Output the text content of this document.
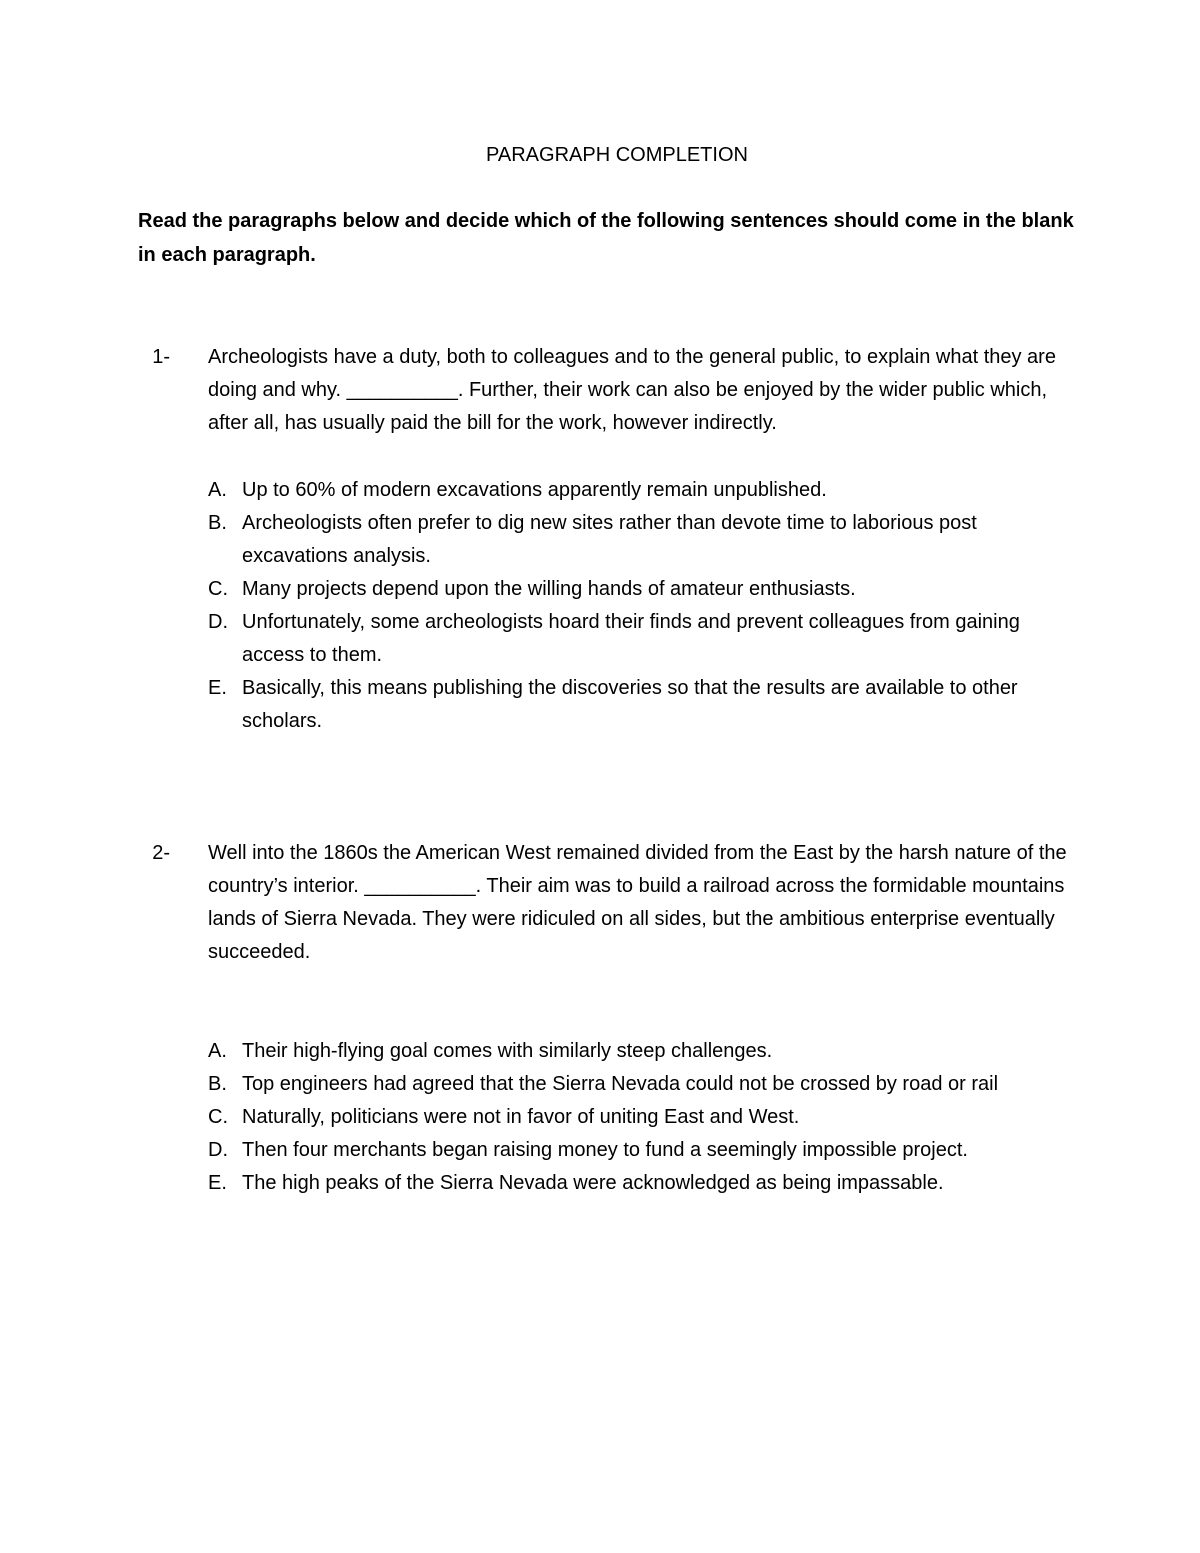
PARAGRAPH COMPLETION

Read the paragraphs below and decide which of the following sentences should come in the blank in each paragraph.

1-	Archeologists have a duty, both to colleagues and to the general public, to explain what they are doing and why. __________. Further, their work can also be enjoyed by the wider public which, after all, has usually paid the bill for the work, however indirectly.
A. Up to 60% of modern excavations apparently remain unpublished.
B. Archeologists often prefer to dig new sites rather than devote time to laborious post excavations analysis.
C. Many projects depend upon the willing hands of amateur enthusiasts.
D. Unfortunately, some archeologists hoard their finds and prevent colleagues from gaining access to them.
E. Basically, this means publishing the discoveries so that the results are available to other scholars.
2-	Well into the 1860s the American West remained divided from the East by the harsh nature of the country’s interior. __________. Their aim was to build a railroad across the formidable mountains lands of Sierra Nevada. They were ridiculed on all sides, but the ambitious enterprise eventually succeeded.
A. Their high-flying goal comes with similarly steep challenges.
B. Top engineers had agreed that the Sierra Nevada could not be crossed by road or rail
C. Naturally, politicians were not in favor of uniting East and West.
D. Then four merchants began raising money to fund a seemingly impossible project.
E. The high peaks of the Sierra Nevada were acknowledged as being impassable.
